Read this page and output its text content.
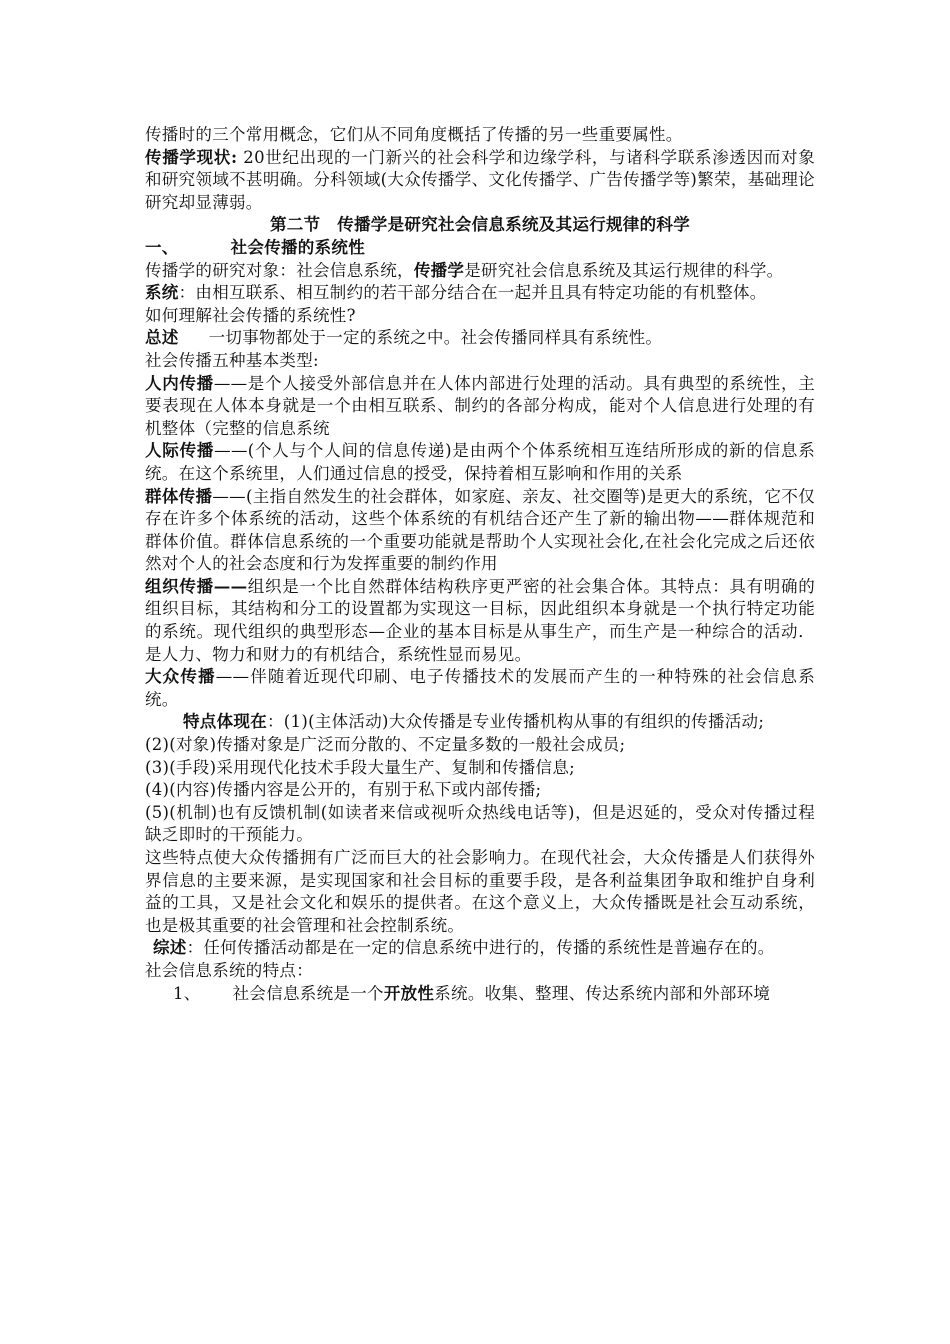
传播时的三个常用概念，它们从不同角度概括了传播的另一些重要属性。

传播学现状: 20世纪出现的一门新兴的社会科学和边缘学科，与诸科学联系渗透因而对象和研究领域不甚明确。分科领域(大众传播学、文化传播学、广告传播学等)繁荣，基础理论研究却显薄弱。

第二节　传播学是研究社会信息系统及其运行规律的科学

一、	社会传播的系统性

传播学的研究对象：社会信息系统，传播学是研究社会信息系统及其运行规律的科学。

系统：由相互联系、相互制约的若干部分结合在一起并且具有特定功能的有机整体。

如何理解社会传播的系统性?

总述 一切事物都处于一定的系统之中。社会传播同样具有系统性。

社会传播五种基本类型:

人内传播——是个人接受外部信息并在人体内部进行处理的活动。具有典型的系统性，主要表现在人体本身就是一个由相互联系、制约的各部分构成，能对个人信息进行处理的有机整体（完整的信息系统

人际传播——(个人与个人间的信息传递)是由两个个体系统相互连结所形成的新的信息系统。在这个系统里，人们通过信息的授受，保持着相互影响和作用的关系

群体传播——(主指自然发生的社会群体，如家庭、亲友、社交圈等)是更大的系统，它不仅存在许多个体系统的活动，这些个体系统的有机结合还产生了新的输出物——群体规范和群体价值。群体信息系统的一个重要功能就是帮助个人实现社会化,在社会化完成之后还依然对个人的社会态度和行为发挥重要的制约作用

组织传播——组织是一个比自然群体结构秩序更严密的社会集合体。其特点：具有明确的组织目标，其结构和分工的设置都为实现这一目标，因此组织本身就是一个执行特定功能的系统。现代组织的典型形态—企业的基本目标是从事生产，而生产是一种综合的活动．是人力、物力和财力的有机结合，系统性显而易见。

大众传播——伴随着近现代印刷、电子传播技术的发展而产生的一种特殊的社会信息系统。

特点体现在：(1)(主体活动)大众传播是专业传播机构从事的有组织的传播活动;

(2)(对象)传播对象是广泛而分散的、不定量多数的一般社会成员;

(3)(手段)采用现代化技术手段大量生产、复制和传播信息;

(4)(内容)传播内容是公开的，有别于私下或内部传播;

(5)(机制)也有反馈机制(如读者来信或视听众热线电话等)，但是迟延的，受众对传播过程缺乏即时的干预能力。

这些特点使大众传播拥有广泛而巨大的社会影响力。在现代社会，大众传播是人们获得外界信息的主要来源，是实现国家和社会目标的重要手段，是各利益集团争取和维护自身利益的工具，又是社会文化和娱乐的提供者。在这个意义上，大众传播既是社会互动系统，也是极其重要的社会管理和社会控制系统。

综述：任何传播活动都是在一定的信息系统中进行的，传播的系统性是普遍存在的。

社会信息系统的特点：

1、 社会信息系统是一个开放性系统。收集、整理、传达系统内部和外部环境
